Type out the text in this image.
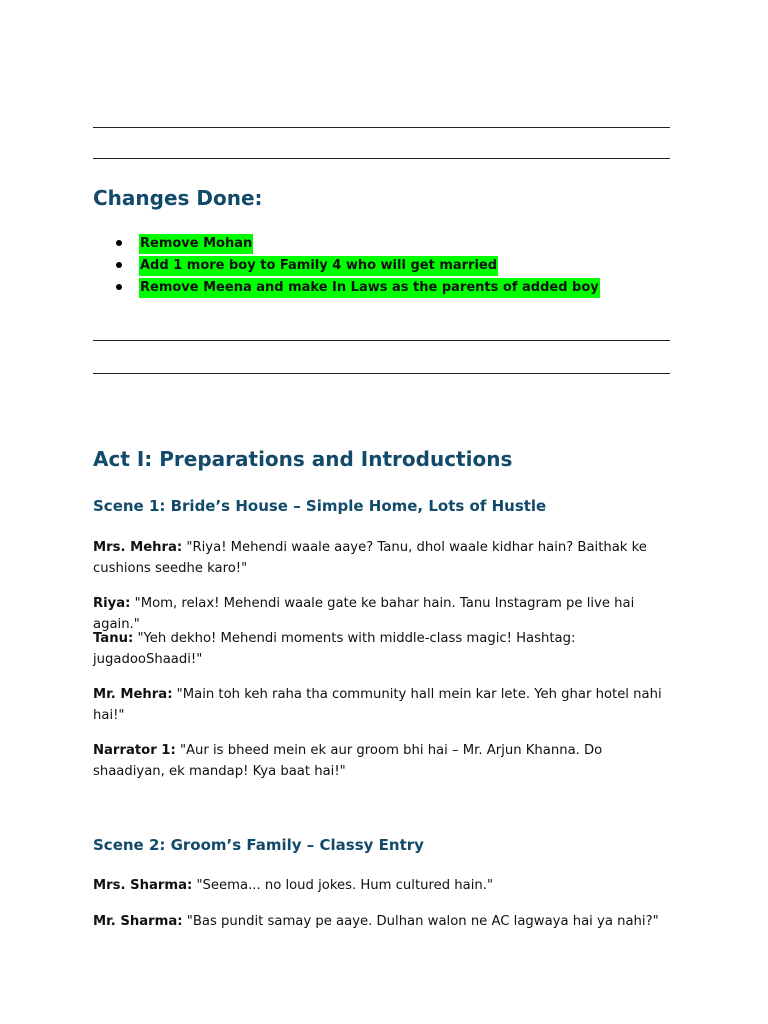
Changes Done:
Remove Mohan
Add 1 more boy to Family 4 who will get married
Remove Meena and make In Laws as the parents of added boy
Act I: Preparations and Introductions
Scene 1: Bride’s House – Simple Home, Lots of Hustle

Mrs. Mehra: "Riya! Mehendi waale aaye? Tanu, dhol waale kidhar hain? Baithak ke cushions seedhe karo!"

Riya: "Mom, relax! Mehendi waale gate ke bahar hain. Tanu Instagram pe live hai again."

Tanu: "Yeh dekho! Mehendi moments with middle-class magic! Hashtag: jugadooShaadi!"

Mr. Mehra: "Main toh keh raha tha community hall mein kar lete. Yeh ghar hotel nahi hai!"

Narrator 1: "Aur is bheed mein ek aur groom bhi hai – Mr. Arjun Khanna. Do shaadiyan, ek mandap! Kya baat hai!"

Scene 2: Groom’s Family – Classy Entry

Mrs. Sharma: "Seema... no loud jokes. Hum cultured hain."

Mr. Sharma: "Bas pundit samay pe aaye. Dulhan walon ne AC lagwaya hai ya nahi?"
